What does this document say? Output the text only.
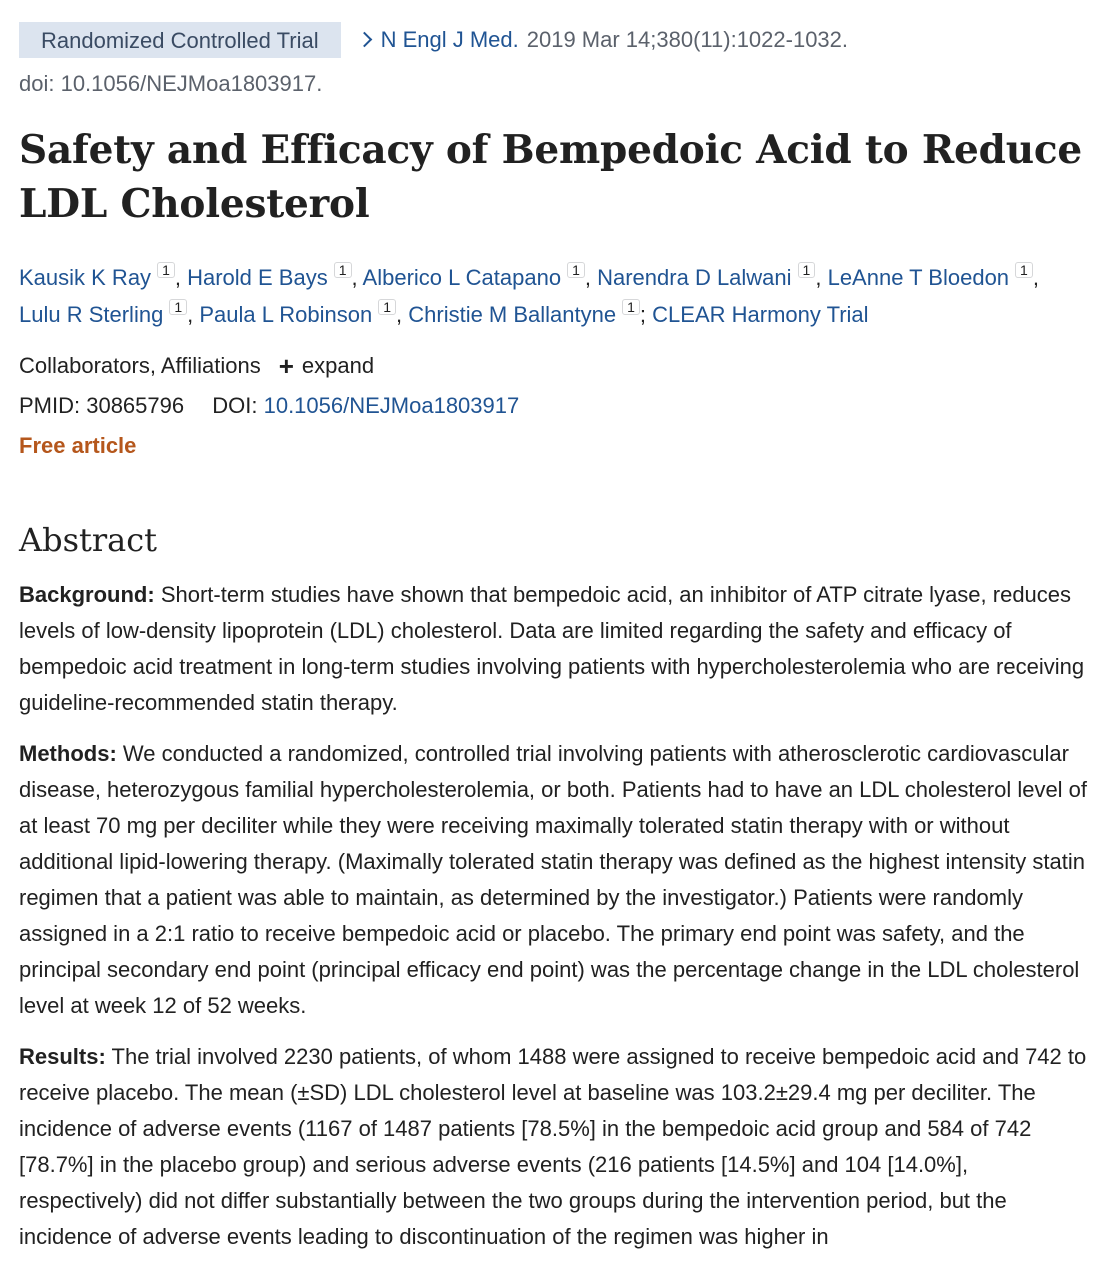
Randomized Controlled Trial	N Engl J Med. 2019 Mar 14;380(11):1022-1032.
doi: 10.1056/NEJMoa1803917.
Safety and Efficacy of Bempedoic Acid to Reduce LDL Cholesterol
Kausik K Ray 1 , Harold E Bays 1 , Alberico L Catapano 1 , Narendra D Lalwani 1 , LeAnne T Bloedon 1 ,
Lulu R Sterling 1 , Paula L Robinson 1 , Christie M Ballantyne 1 ; CLEAR Harmony Trial
Collaborators, Affiliations + expand
PMID: 30865796 DOI: 10.1056/NEJMoa1803917
Free article
Abstract

Background: Short-term studies have shown that bempedoic acid, an inhibitor of ATP citrate lyase, reduces levels of low-density lipoprotein (LDL) cholesterol. Data are limited regarding the safety and efficacy of bempedoic acid treatment in long-term studies involving patients with hypercholesterolemia who are receiving guideline-recommended statin therapy.

Methods: We conducted a randomized, controlled trial involving patients with atherosclerotic cardiovascular disease, heterozygous familial hypercholesterolemia, or both. Patients had to have an LDL cholesterol level of at least 70 mg per deciliter while they were receiving maximally tolerated statin therapy with or without additional lipid-lowering therapy. (Maximally tolerated statin therapy was defined as the highest intensity statin regimen that a patient was able to maintain, as determined by the investigator.) Patients were randomly assigned in a 2:1 ratio to receive bempedoic acid or placebo. The primary end point was safety, and the principal secondary end point (principal efficacy end point) was the percentage change in the LDL cholesterol level at week 12 of 52 weeks.

Results: The trial involved 2230 patients, of whom 1488 were assigned to receive bempedoic acid and 742 to receive placebo. The mean (±SD) LDL cholesterol level at baseline was 103.2±29.4 mg per deciliter. The incidence of adverse events (1167 of 1487 patients [78.5%] in the bempedoic acid group and 584 of 742 [78.7%] in the placebo group) and serious adverse events (216 patients [14.5%] and 104 [14.0%], respectively) did not differ substantially between the two groups during the intervention period, but the incidence of adverse events leading to discontinuation of the regimen was higher in
